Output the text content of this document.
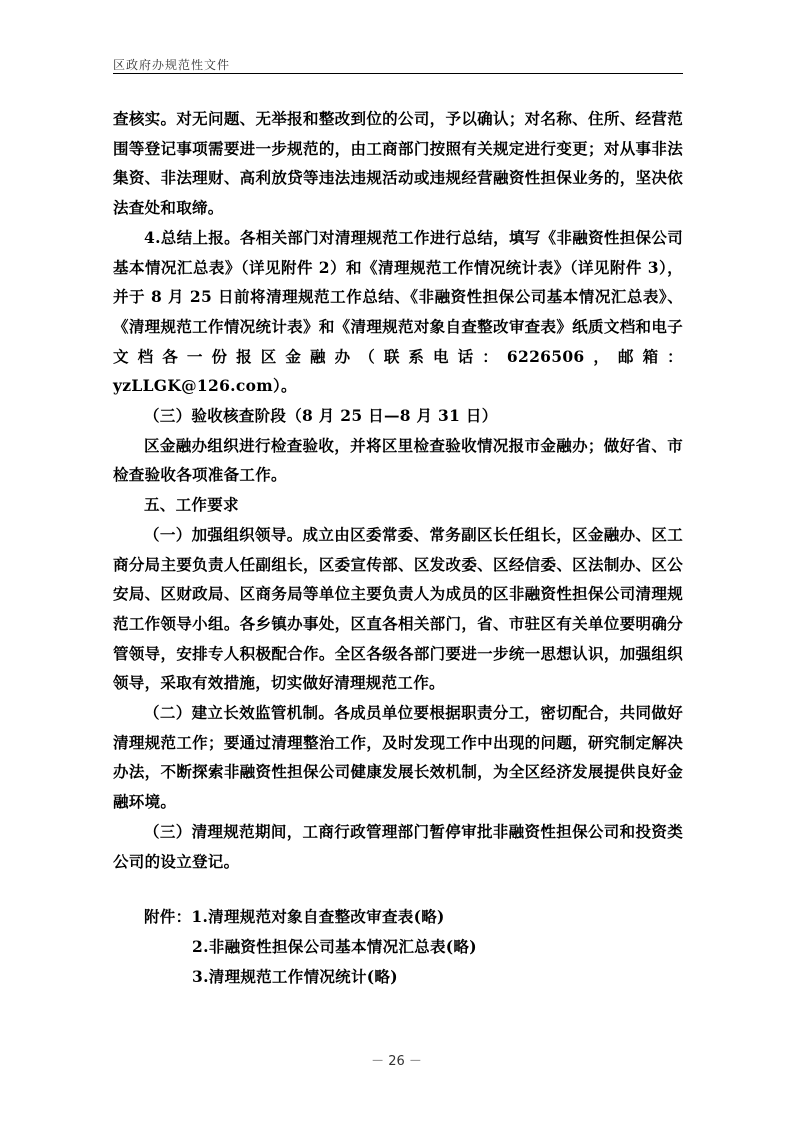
区政府办规范性文件

查核实。对无问题、无举报和整改到位的公司，予以确认；对名称、住所、经营范围等登记事项需要进一步规范的，由工商部门按照有关规定进行变更；对从事非法集资、非法理财、高利放贷等违法违规活动或违规经营融资性担保业务的，坚决依法查处和取缔。

4.总结上报。各相关部门对清理规范工作进行总结，填写《非融资性担保公司基本情况汇总表》（详见附件 2）和《清理规范工作情况统计表》（详见附件 3），并于 8 月 25 日前将清理规范工作总结、《非融资性担保公司基本情况汇总表》、《清理规范工作情况统计表》和《清理规范对象自查整改审查表》纸质文档和电子文档各一份报区金融办（联系电话：6226506，邮箱：yzLLGK@126.com）。

（三）验收核查阶段（8 月 25 日—8 月 31 日）

区金融办组织进行检查验收，并将区里检查验收情况报市金融办；做好省、市检查验收各项准备工作。

五、工作要求

（一）加强组织领导。成立由区委常委、常务副区长任组长，区金融办、区工商分局主要负责人任副组长，区委宣传部、区发改委、区经信委、区法制办、区公安局、区财政局、区商务局等单位主要负责人为成员的区非融资性担保公司清理规范工作领导小组。各乡镇办事处，区直各相关部门，省、市驻区有关单位要明确分管领导，安排专人积极配合作。全区各级各部门要进一步统一思想认识，加强组织领导，采取有效措施，切实做好清理规范工作。

（二）建立长效监管机制。各成员单位要根据职责分工，密切配合，共同做好清理规范工作；要通过清理整治工作，及时发现工作中出现的问题，研究制定解决办法，不断探索非融资性担保公司健康发展长效机制，为全区经济发展提供良好金融环境。

（三）清理规范期间，工商行政管理部门暂停审批非融资性担保公司和投资类公司的设立登记。

附件：1.清理规范对象自查整改审查表(略)

2.非融资性担保公司基本情况汇总表(略)

3.清理规范工作情况统计(略)

－ 26 －
